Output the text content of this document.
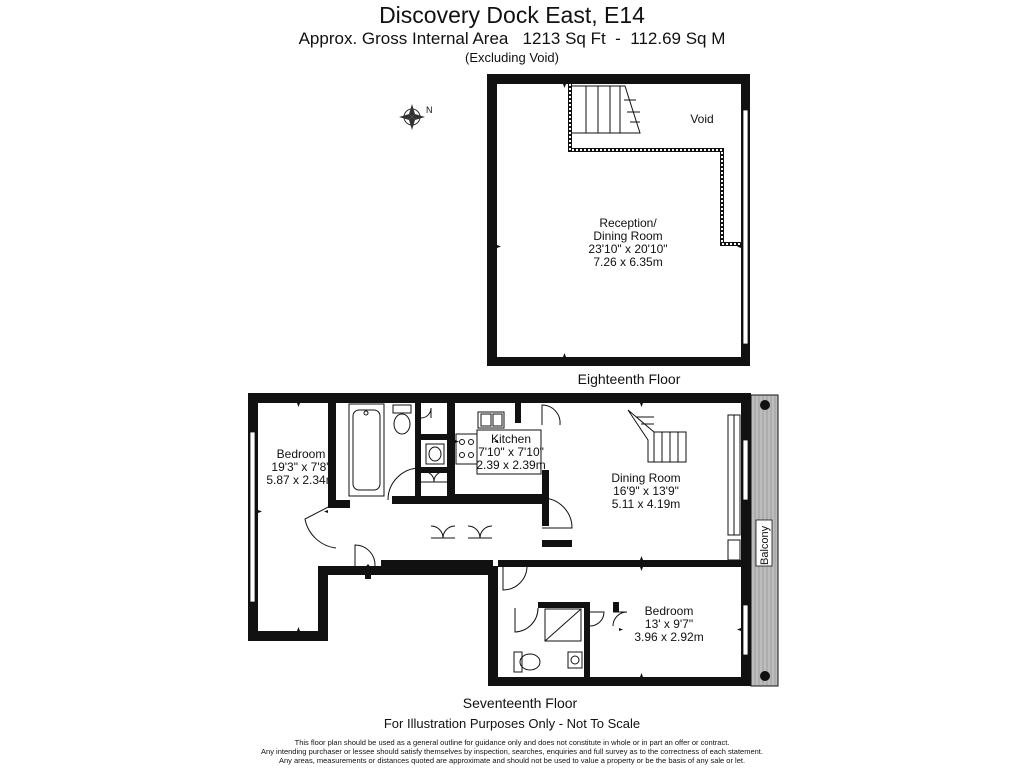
Discovery Dock East, E14
Approx. Gross Internal Area   1213 Sq Ft  -  112.69 Sq M
(Excluding Void)
N
Void
Reception/
Dining Room
23'10" x 20'10"
7.26 x 6.35m
Eighteenth Floor
Balcony
Bedroom
19'3" x 7'8"
5.87 x 2.34m
Kitchen
7'10" x 7'10"
2.39 x 2.39m
Dining Room
16'9" x 13'9"
5.11 x 4.19m
Bedroom
13' x 9'7"
3.96 x 2.92m
Seventeenth Floor
For Illustration Purposes Only - Not To Scale
This floor plan should be used as a general outline for guidance only and does not constitute in whole or in part an offer or contract.
Any intending purchaser or lessee should satisfy themselves by inspection, searches, enquiries and full survey as to the correctness of each statement.
Any areas, measurements or distances quoted are approximate and should not be used to value a property or be the basis of any sale or let.
